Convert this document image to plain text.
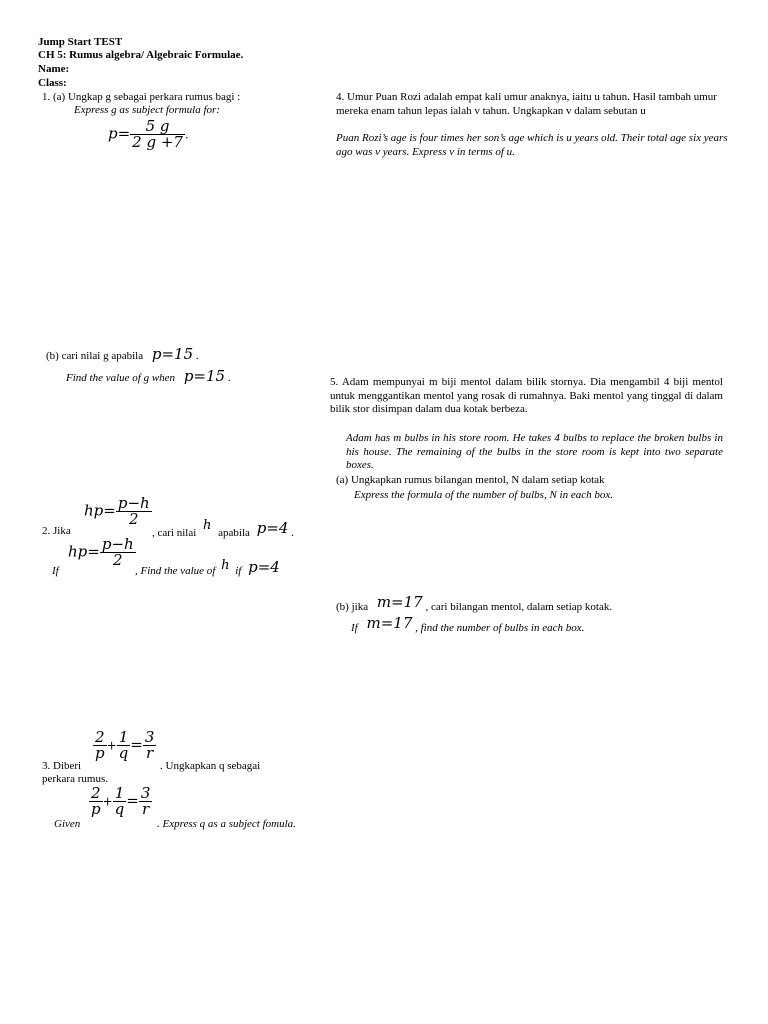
Jump Start TEST
CH 5: Rumus algebra/ Algebraic Formulae.
Name:
Class:
1. (a) Ungkap g sebagai perkara rumus bagi :
Express g as subject formula for:
$p= \frac{5 g}{2 g +7}$ .
(b) cari nilai g apabila p=15 .
Find the value of g when p=15 .
$hp= \frac{p-h}{2}$
2. Jika	, cari nilai h apabila p=4 .
$hp= \frac{p-h}{2}$
If	, Find the value of h if p=4
$\frac{2}{p} + \frac{1}{q} = \frac{3}{r}$
3. Diberi	. Ungkapkan q sebagai
perkara rumus.
$\frac{2}{p} + \frac{1}{q} = \frac{3}{r}$
Given	. Express q as a subject fomula.
4. Umur Puan Rozi adalah empat kali umur anaknya, iaitu u tahun. Hasil tambah umur mereka enam tahun lepas ialah v tahun. Ungkapkan v dalam sebutan u
Puan Rozi’s age is four times her son’s age which is u years old. Their total age six years ago was v years. Express v in terms of u.
5. Adam mempunyai m biji mentol dalam bilik stornya. Dia mengambil 4 biji mentol untuk menggantikan mentol yang rosak di rumahnya. Baki mentol yang tinggal di dalam bilik stor disimpan dalam dua kotak berbeza.
Adam has m bulbs in his store room. He takes 4 bulbs to replace the broken bulbs in his house. The remaining of the bulbs in the store room is kept into two separate boxes.
(a) Ungkapkan rumus bilangan mentol, N dalam setiap kotak
Express the formula of the number of bulbs, N in each box.
(b) jika m=17 , cari bilangan mentol, dalam setiap kotak.
If m=17 , find the number of bulbs in each box.
